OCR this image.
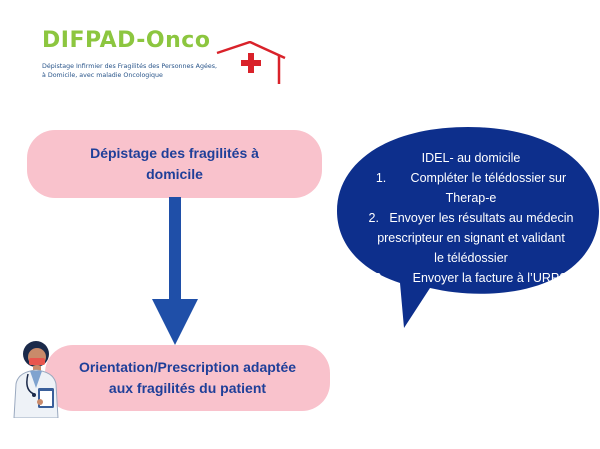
DIFPAD-Onco
Dépistage Infirmier des Fragilités des Personnes Agées,
à Domicile, avec maladie Oncologique
Dépistage des fragilités à
domicile
Orientation/Prescription adaptée
aux fragilités du patient
IDEL- au domicile
1.       Compléter le télédossier sur
Therap-e
2.   Envoyer les résultats au médecin
prescripteur en signant et validant
le télédossier
3.        Envoyer la facture à l’URPS
